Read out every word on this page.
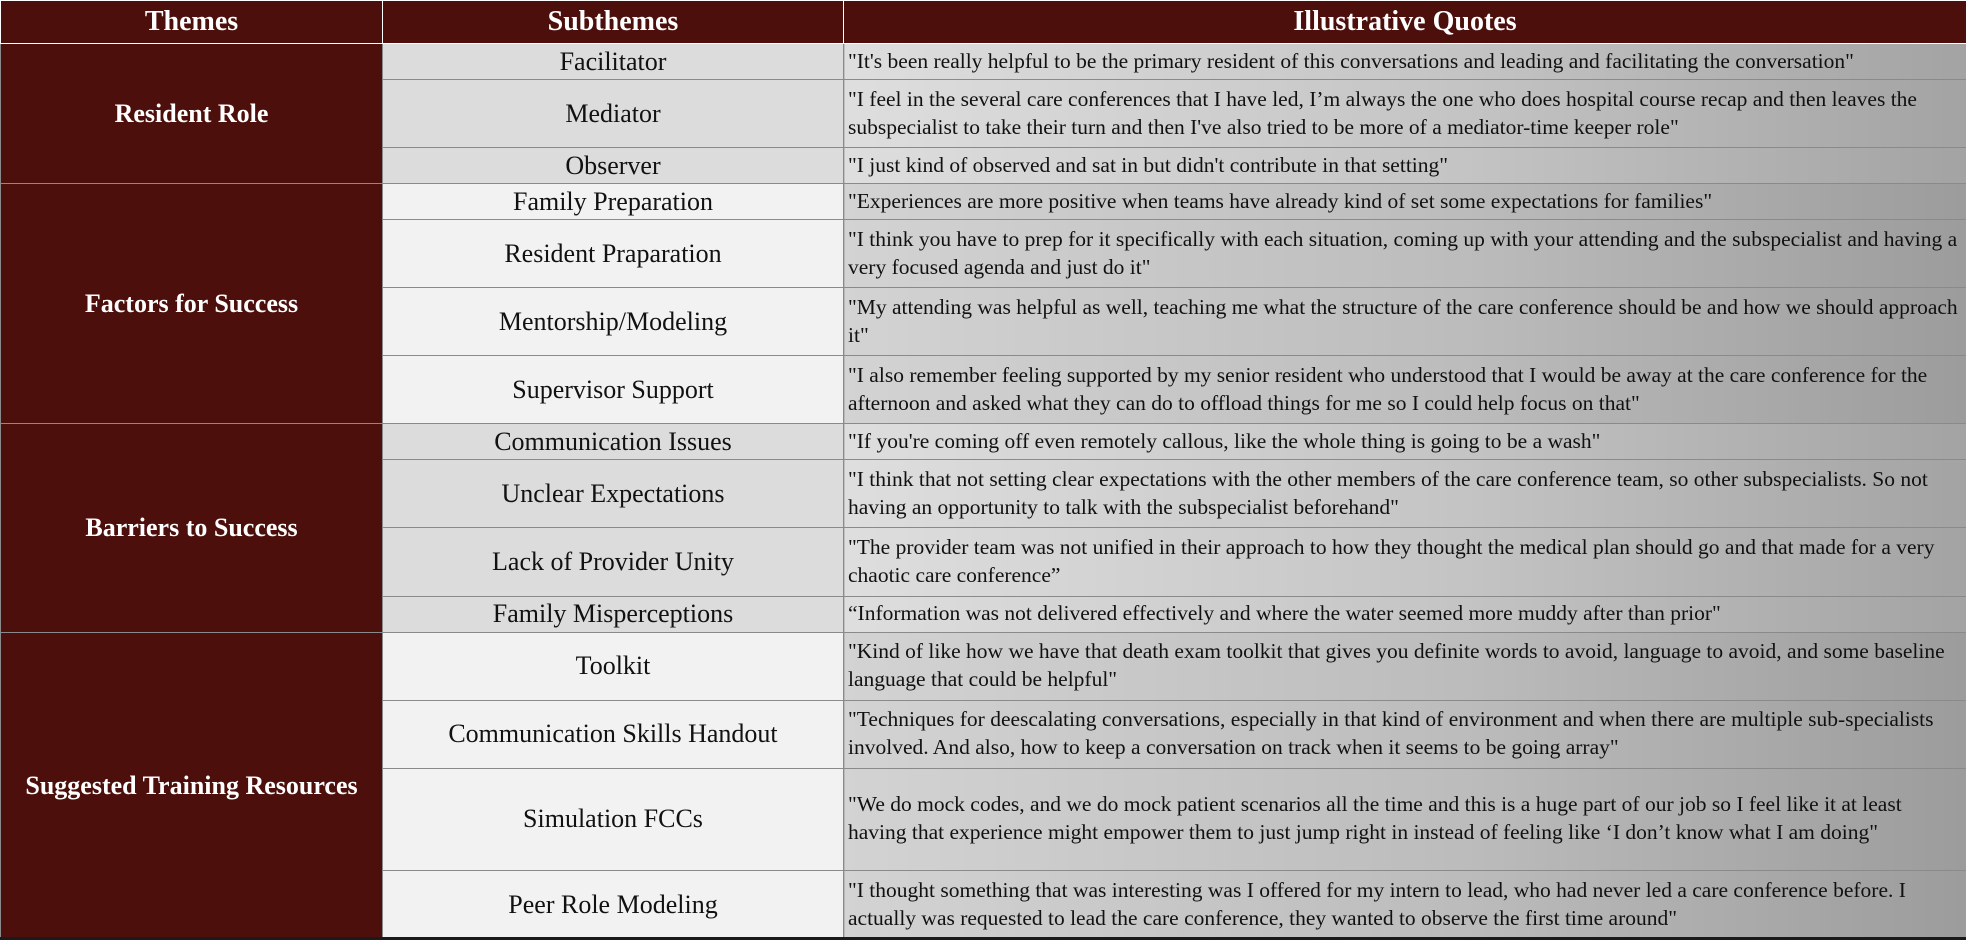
Themes	Subthemes	Illustrative Quotes
Resident Role	Facilitator	"It's been really helpful to be the primary resident of this conversations and leading and facilitating the conversation"
	Mediator	"I feel in the several care conferences that I have led, I’m always the one who does hospital course recap and then leaves the subspecialist to take their turn and then I've also tried to be more of a mediator-time keeper role"
	Observer	"I just kind of observed and sat in but didn't contribute in that setting"
Factors for Success	Family Preparation	"Experiences are more positive when teams have already kind of set some expectations for families"
	Resident Praparation	"I think you have to prep for it specifically with each situation, coming up with your attending and the subspecialist and having a very focused agenda and just do it"
	Mentorship/Modeling	"My attending was helpful as well, teaching me what the structure of the care conference should be and how we should approach it"
	Supervisor Support	"I also remember feeling supported by my senior resident who understood that I would be away at the care conference for the afternoon and asked what they can do to offload things for me so I could help focus on that"
Barriers to Success	Communication Issues	"If you're coming off even remotely callous, like the whole thing is going to be a wash"
	Unclear Expectations	"I think that not setting clear expectations with the other members of the care conference team, so other subspecialists. So not having an opportunity to talk with the subspecialist beforehand"
	Lack of Provider Unity	"The provider team was not unified in their approach to how they thought the medical plan should go and that made for a very chaotic care conference”
	Family Misperceptions	“Information was not delivered effectively and where the water seemed more muddy after than prior"
Suggested Training Resources	Toolkit	"Kind of like how we have that death exam toolkit that gives you definite words to avoid, language to avoid, and some baseline language that could be helpful"
	Communication Skills Handout	"Techniques for deescalating conversations, especially in that kind of environment and when there are multiple sub-specialists involved. And also, how to keep a conversation on track when it seems to be going array"
	Simulation FCCs	"We do mock codes, and we do mock patient scenarios all the time and this is a huge part of our job so I feel like it at least having that experience might empower them to just jump right in instead of feeling like ‘I don’t know what I am doing"
	Peer Role Modeling	"I thought something that was interesting was I offered for my intern to lead, who had never led a care conference before. I actually was requested to lead the care conference, they wanted to observe the first time around"
